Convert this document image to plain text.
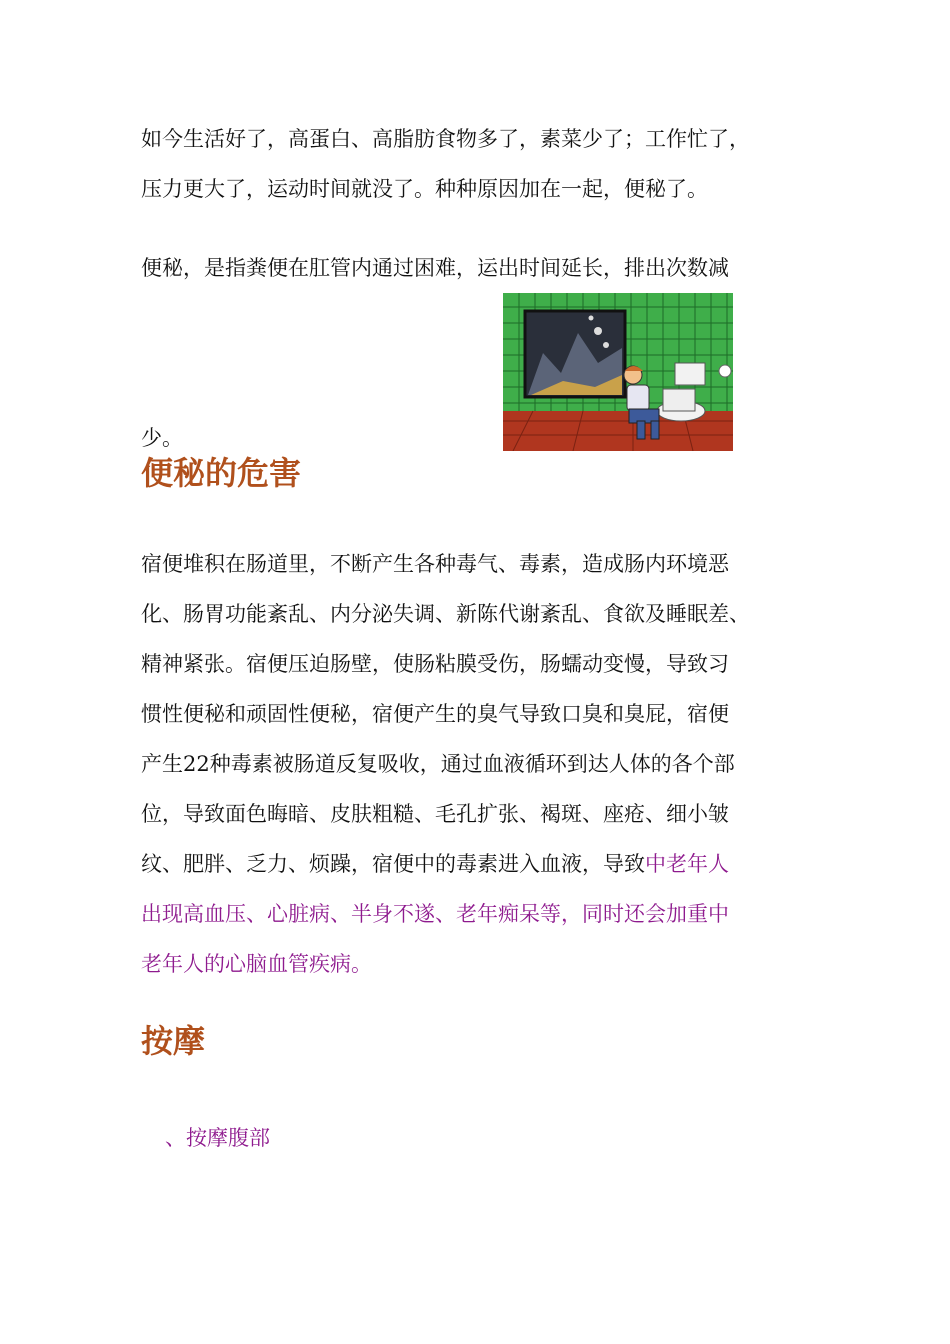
如今生活好了，高蛋白、高脂肪食物多了，素菜少了；工作忙了，
压力更大了，运动时间就没了。种种原因加在一起，便秘了。
便秘，是指粪便在肛管内通过困难，运出时间延长，排出次数减
少。
便秘的危害
宿便堆积在肠道里，不断产生各种毒气、毒素，造成肠内环境恶
化、肠胃功能紊乱、内分泌失调、新陈代谢紊乱、食欲及睡眠差、
精神紧张。宿便压迫肠壁，使肠粘膜受伤，肠蠕动变慢，导致习
惯性便秘和顽固性便秘，宿便产生的臭气导致口臭和臭屁，宿便
产生22种毒素被肠道反复吸收，通过血液循环到达人体的各个部
位，导致面色晦暗、皮肤粗糙、毛孔扩张、褐斑、座疮、细小皱
纹、肥胖、乏力、烦躁，宿便中的毒素进入血液，导致中老年人
出现高血压、心脏病、半身不遂、老年痴呆等，同时还会加重中
老年人的心脑血管疾病。
按摩
、按摩腹部
